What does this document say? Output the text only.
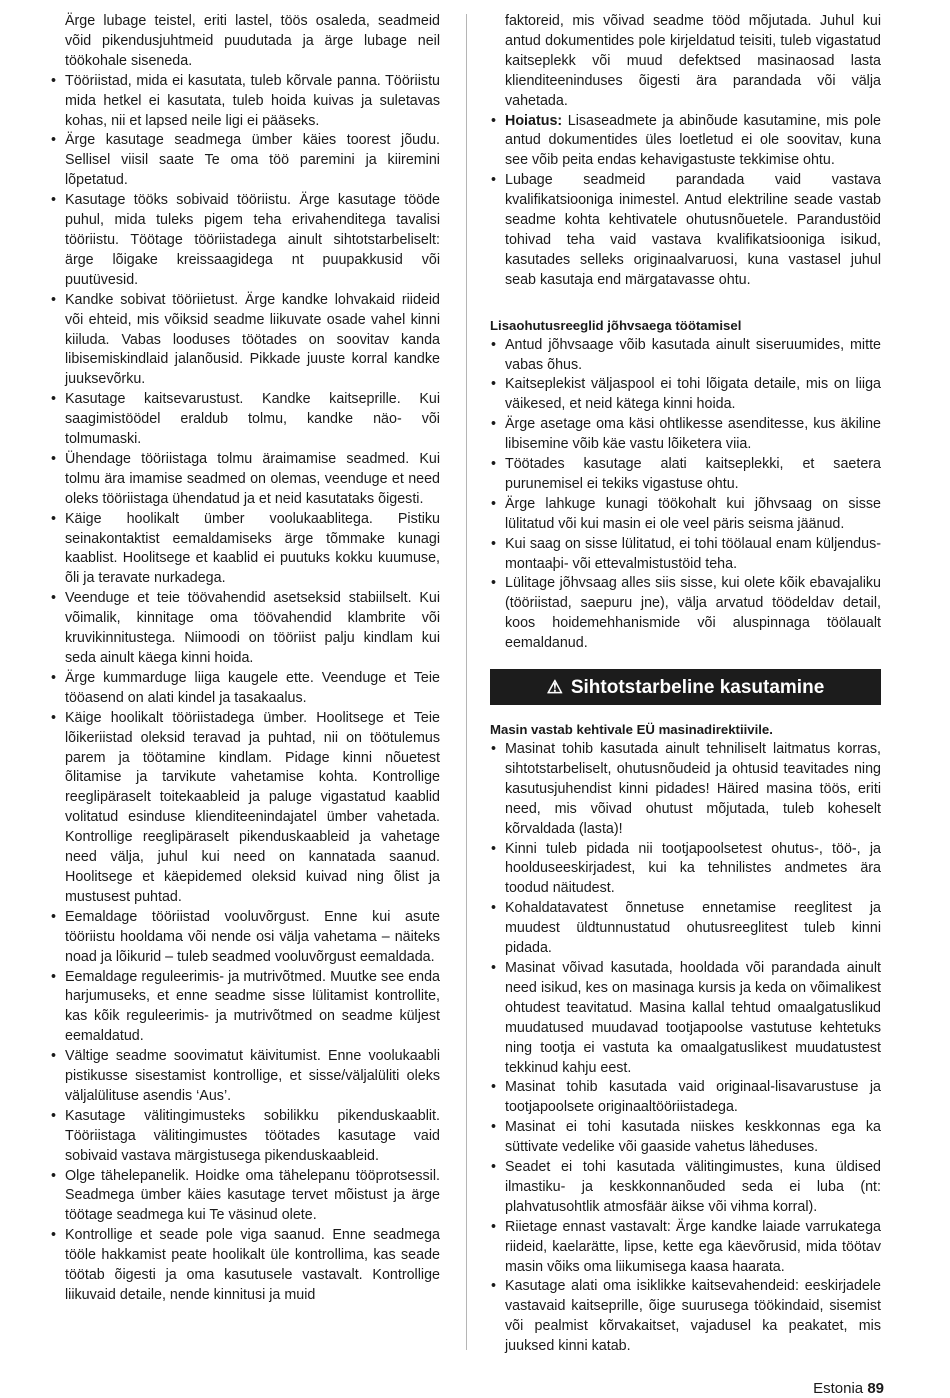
Ärge lubage teistel, eriti lastel, töös osaleda, seadmeid võid pikendusjuhtmeid puudutada ja ärge lubage neil töökohale siseneda.

• Tööriistad, mida ei kasutata, tuleb kõrvale panna. Tööriistu mida hetkel ei kasutata, tuleb hoida kuivas ja suletavas kohas, nii et lapsed neile ligi ei pääseks.
• Ärge kasutage seadmega ümber käies toorest jõudu. Sellisel viisil saate Te oma töö paremini ja kiiremini lõpetatud.
• Kasutage tööks sobivaid tööriistu. Ärge kasutage tööde puhul, mida tuleks pigem teha erivahenditega tavalisi tööriistu. Töötage tööriistadega ainult sihtotstarbeliselt: ärge lõigake kreissaagidega nt puupakkusid või puutüvesid.
• Kandke sobivat tööriietust. Ärge kandke lohvakaid riideid või ehteid, mis võiksid seadme liikuvate osade vahel kinni kiiluda. Vabas looduses töötades on soovitav kanda libisemiskindlaid jalanõusid. Pikkade juuste korral kandke juuksevõrku.
• Kasutage kaitsevarustust. Kandke kaitseprille. Kui saagimistöödel eraldub tolmu, kandke näo- või tolmumaski.
• Ühendage tööriistaga tolmu äraimamise seadmed. Kui tolmu ära imamise seadmed on olemas, veenduge et need oleks tööriistaga ühendatud ja et neid kasutataks õigesti.
• Käige hoolikalt ümber voolukaablitega. Pistiku seinakontaktist eemaldamiseks ärge tõmmake kunagi kaablist. Hoolitsege et kaablid ei puutuks kokku kuumuse, õli ja teravate nurkadega.
• Veenduge et teie töövahendid asetseksid stabiilselt. Kui võimalik, kinnitage oma töövahendid klambrite või kruvikinnitustega. Niimoodi on tööriist palju kindlam kui seda ainult käega kinni hoida.
• Ärge kummarduge liiga kaugele ette. Veenduge et Teie tööasend on alati kindel ja tasakaalus.
• Käige hoolikalt tööriistadega ümber. Hoolitsege et Teie lõikeriistad oleksid teravad ja puhtad, nii on töötulemus parem ja töötamine kindlam. Pidage kinni nõuetest õlitamise ja tarvikute vahetamise kohta. Kontrollige reeglipäraselt toitekaableid ja paluge vigastatud kaablid volitatud esinduse klienditeenindajatel ümber vahetada. Kontrollige reeglipäraselt pikenduskaableid ja vahetage need välja, juhul kui need on kannatada saanud. Hoolitsege et käepidemed oleksid kuivad ning õlist ja mustusest puhtad.
• Eemaldage tööriistad vooluvõrgust. Enne kui asute tööriistu hooldama või nende osi välja vahetama – näiteks noad ja lõikurid – tuleb seadmed vooluvõrgust eemaldada.
• Eemaldage reguleerimis- ja mutrivõtmed. Muutke see enda harjumuseks, et enne seadme sisse lülitamist kontrollite, kas kõik reguleerimis- ja mutrivõtmed on seadme küljest eemaldatud.
• Vältige seadme soovimatut käivitumist. Enne voolukaabli pistikusse sisestamist kontrollige, et sisse/väljalüliti oleks väljalülituse asendis ‘Aus’.
• Kasutage välitingimusteks sobilikku pikenduskaablit. Tööriistaga välitingimustes töötades kasutage vaid sobivaid vastava märgistusega pikenduskaableid.
• Olge tähelepanelik. Hoidke oma tähelepanu tööprotsessil. Seadmega ümber käies kasutage tervet mõistust ja ärge töötage seadmega kui Te väsinud olete.
• Kontrollige et seade pole viga saanud. Enne seadmega tööle hakkamist peate hoolikalt üle kontrollima, kas seade töötab õigesti ja oma kasutusele vastavalt. Kontrollige liikuvaid detaile, nende kinnitusi ja muid

faktoreid, mis võivad seadme tööd mõjutada. Juhul kui antud dokumentides pole kirjeldatud teisiti, tuleb vigastatud kaitseplekk või muud defektsed masinaosad lasta klienditeeninduses õigesti ära parandada või välja vahetada.

• Hoiatus: Lisaseadmete ja abinõude kasutamine, mis pole antud dokumentides üles loetletud ei ole soovitav, kuna see võib peita endas kehavigastuste tekkimise ohtu.
• Lubage seadmeid parandada vaid vastava kvalifikatsiooniga inimestel. Antud elektriline seade vastab seadme kohta kehtivatele ohutusnõuetele. Parandustöid tohivad teha vaid vastava kvalifikatsiooniga isikud, kasutades selleks originaalvaruosi, kuna vastasel juhul seab kasutaja end märgatavasse ohtu.

Lisaohutusreeglid jõhvsaega töötamisel

• Antud jõhvsaage võib kasutada ainult siseruumides, mitte vabas õhus.
• Kaitseplekist väljaspool ei tohi lõigata detaile, mis on liiga väikesed, et neid kätega kinni hoida.
• Ärge asetage oma käsi ohtlikesse asenditesse, kus äkiline libisemine võib käe vastu lõiketera viia.
• Töötades kasutage alati kaitseplekki, et saetera purunemisel ei tekiks vigastuse ohtu.
• Ärge lahkuge kunagi töökohalt kui jõhvsaag on sisse lülitatud või kui masin ei ole veel päris seisma jäänud.
• Kui saag on sisse lülitatud, ei tohi töölaual enam küljendus- montaaþi- või ettevalmistustöid teha.
• Lülitage jõhvsaag alles siis sisse, kui olete kõik ebavajaliku (tööriistad, saepuru jne), välja arvatud töödeldav detail, koos hoidemehhanismide või aluspinnaga töölaualt eemaldanud.
⚠ Sihtotstarbeline kasutamine

Masin vastab kehtivale EÜ masinadirektiivile.

• Masinat tohib kasutada ainult tehniliselt laitmatus korras, sihtotstarbeliselt, ohutusnõudeid ja ohtusid teavitades ning kasutusjuhendist kinni pidades! Häired masina töös, eriti need, mis võivad ohutust mõjutada, tuleb koheselt kõrvaldada (lasta)!
• Kinni tuleb pidada nii tootjapoolsetest ohutus-, töö-, ja hoolduseeskirjadest, kui ka tehnilistes andmetes ära toodud näitudest.
• Kohaldatavatest õnnetuse ennetamise reeglitest ja muudest üldtunnustatud ohutusreeglitest tuleb kinni pidada.
• Masinat võivad kasutada, hooldada või parandada ainult need isikud, kes on masinaga kursis ja keda on võimalikest ohtudest teavitatud. Masina kallal tehtud omaalgatuslikud muudatused muudavad tootjapoolse vastutuse kehtetuks ning tootja ei vastuta ka omaalgatuslikest muudatustest tekkinud kahju eest.
• Masinat tohib kasutada vaid originaal-lisavarustuse ja tootjapoolsete originaaltööriistadega.
• Masinat ei tohi kasutada niiskes keskkonnas ega ka süttivate vedelike või gaaside vahetus läheduses.
• Seadet ei tohi kasutada välitingimustes, kuna üldised ilmastiku- ja keskkonnanõuded seda ei luba (nt: plahvatusohtlik atmosfäär äikse või vihma korral).
• Riietage ennast vastavalt: Ärge kandke laiade varrukatega riideid, kaelarätte, lipse, kette ega käevõrusid, mida töötav masin võiks oma liikumisega kaasa haarata.
• Kasutage alati oma isiklikke kaitsevahendeid: eeskirjadele vastavaid kaitseprille, õige suurusega töökindaid, sisemist või pealmist kõrvakaitset, vajadusel ka peakatet, mis juuksed kinni katab.
Estonia 89
